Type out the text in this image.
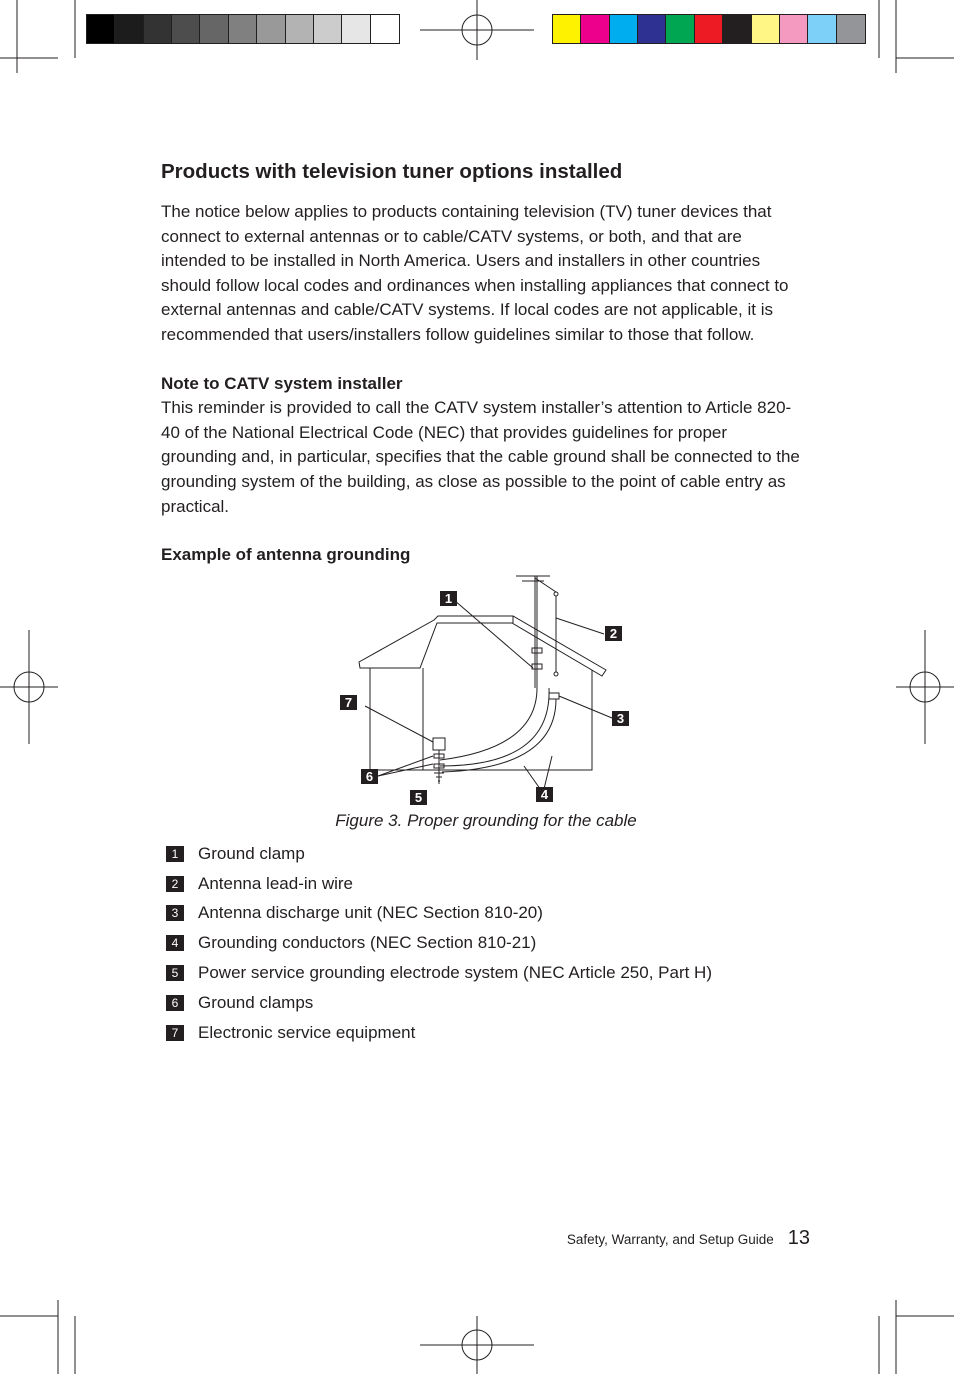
Products with television tuner options installed

The notice below applies to products containing television (TV) tuner devices that connect to external antennas or to cable/CATV systems, or both, and that are intended to be installed in North America. Users and installers in other countries should follow local codes and ordinances when installing appliances that connect to external antennas and cable/CATV systems. If local codes are not applicable, it is recommended that users/installers follow guidelines similar to those that follow.

Note to CATV system installer

This reminder is provided to call the CATV system installer’s attention to Article 820-40 of the National Electrical Code (NEC) that provides guidelines for proper grounding and, in particular, specifies that the cable ground shall be connected to the grounding system of the building, as close as possible to the point of cable entry as practical.

Example of antenna grounding
1
2
3
4
5
6
7
Figure 3. Proper grounding for the cable
1	Ground clamp
2	Antenna lead-in wire
3	Antenna discharge unit (NEC Section 810-20)
4	Grounding conductors (NEC Section 810-21)
5	Power service grounding electrode system (NEC Article 250, Part H)
6	Ground clamps
7	Electronic service equipment
Safety, Warranty, and Setup Guide 13
